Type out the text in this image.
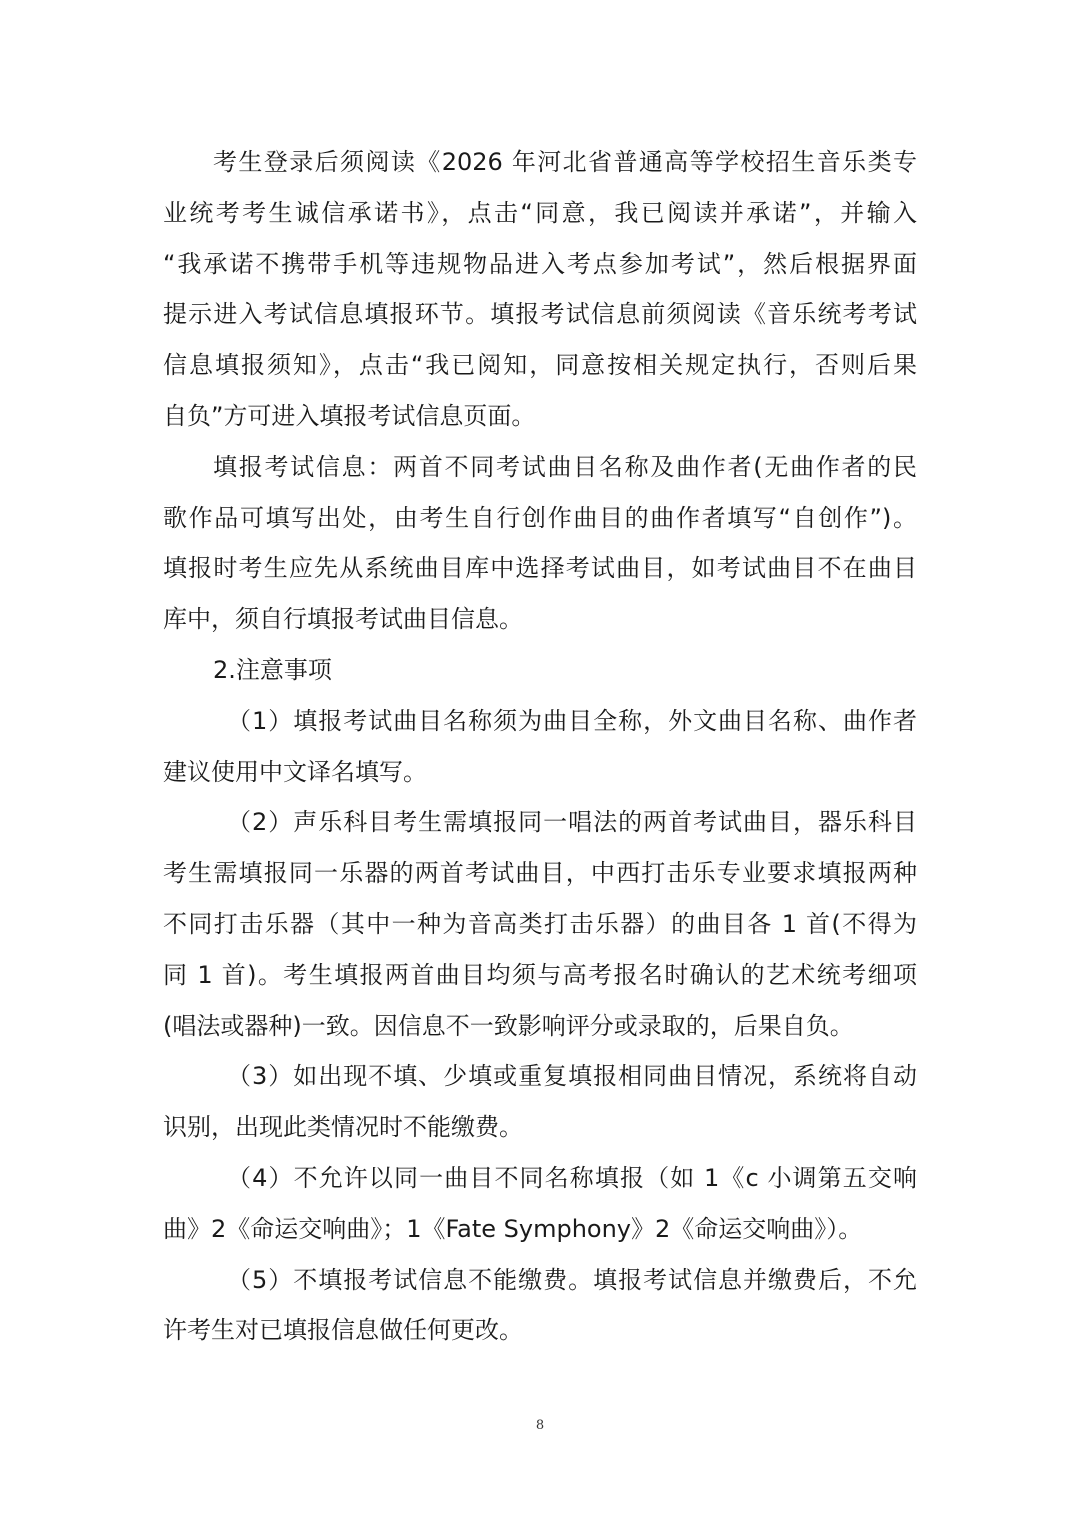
考生登录后须阅读《2026 年河北省普通高等学校招生音乐类专
业统考考生诚信承诺书》，点击“同意，我已阅读并承诺”，并输入
“我承诺不携带手机等违规物品进入考点参加考试”，然后根据界面
提示进入考试信息填报环节。填报考试信息前须阅读《音乐统考考试
信息填报须知》，点击“我已阅知，同意按相关规定执行，否则后果
自负”方可进入填报考试信息页面。
填报考试信息：两首不同考试曲目名称及曲作者(无曲作者的民
歌作品可填写出处，由考生自行创作曲目的曲作者填写“自创作”)。
填报时考生应先从系统曲目库中选择考试曲目，如考试曲目不在曲目
库中，须自行填报考试曲目信息。
2.注意事项
（1）填报考试曲目名称须为曲目全称，外文曲目名称、曲作者
建议使用中文译名填写。
（2）声乐科目考生需填报同一唱法的两首考试曲目，器乐科目
考生需填报同一乐器的两首考试曲目，中西打击乐专业要求填报两种
不同打击乐器（其中一种为音高类打击乐器）的曲目各 1 首(不得为
同 1 首)。考生填报两首曲目均须与高考报名时确认的艺术统考细项
(唱法或器种)一致。因信息不一致影响评分或录取的，后果自负。
（3）如出现不填、少填或重复填报相同曲目情况，系统将自动
识别，出现此类情况时不能缴费。
（4）不允许以同一曲目不同名称填报（如 1《c 小调第五交响
曲》2《命运交响曲》；1《Fate Symphony》2《命运交响曲》）。
（5）不填报考试信息不能缴费。填报考试信息并缴费后，不允
许考生对已填报信息做任何更改。
8
